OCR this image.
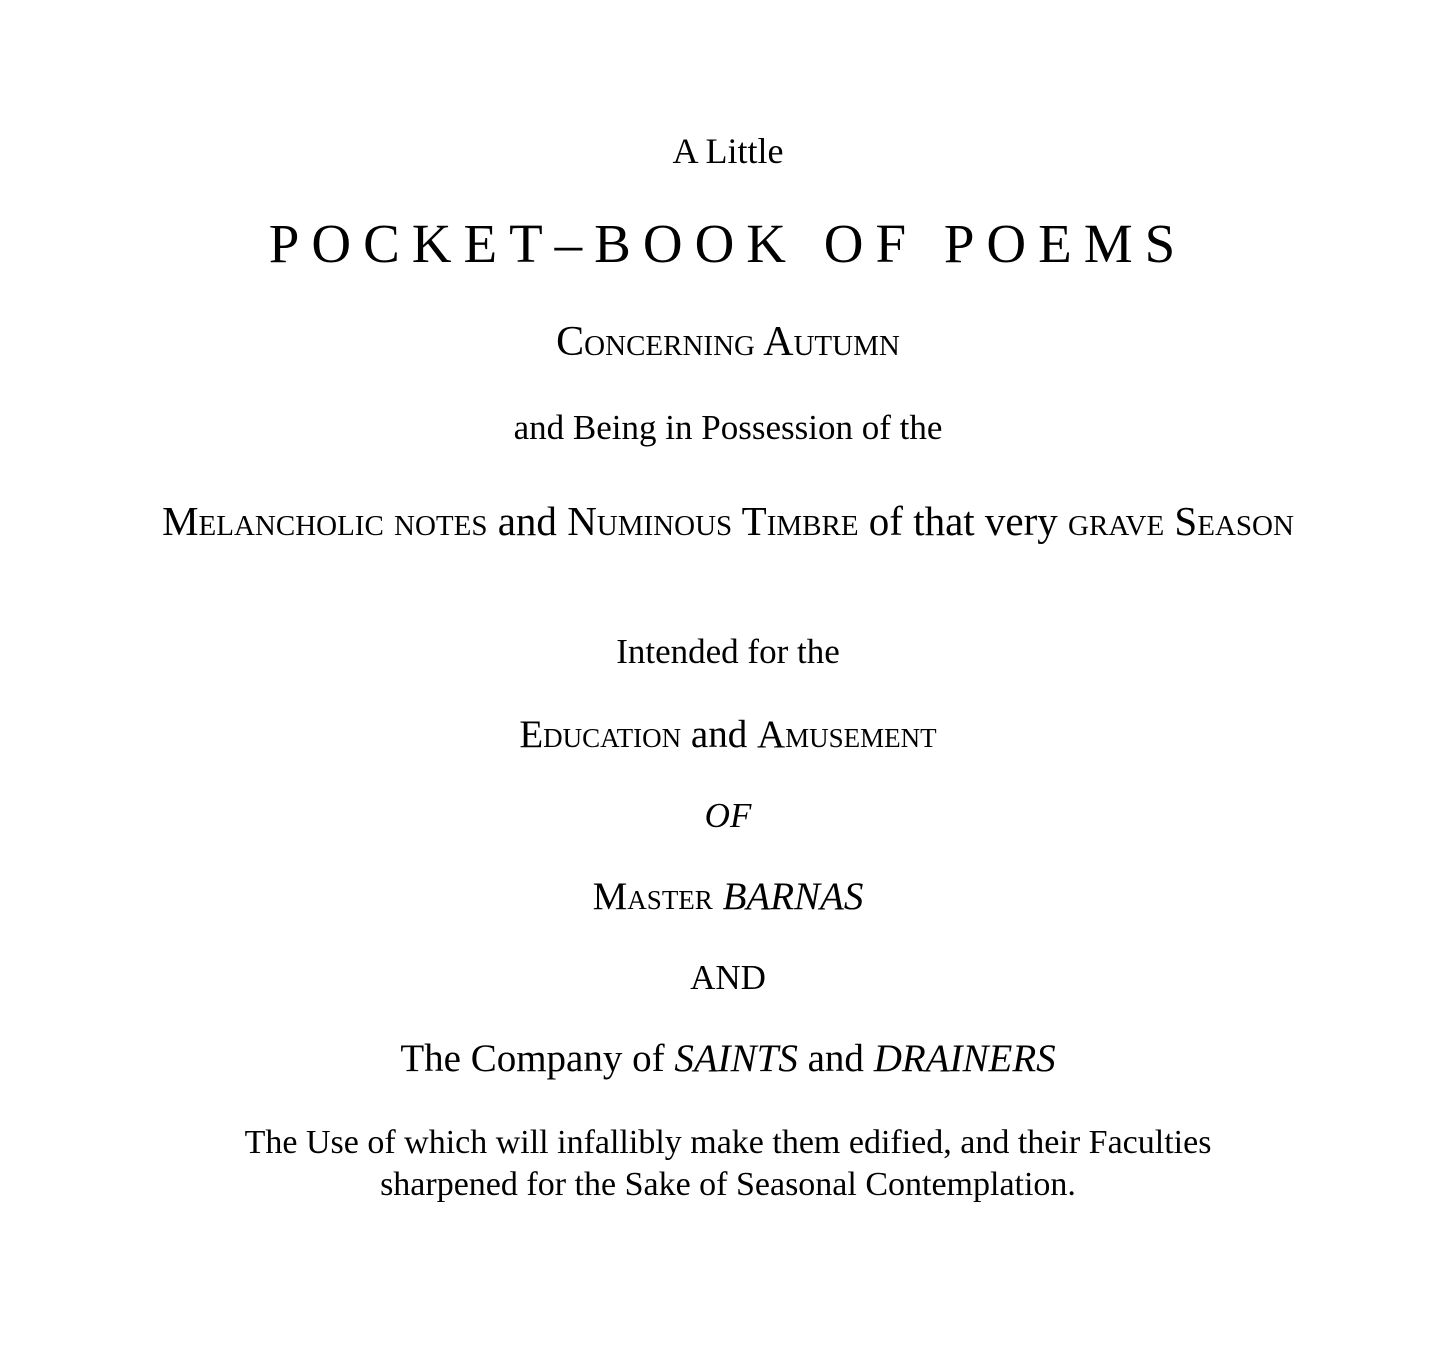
A Little
POCKET–BOOK OF POEMS
Concerning Autumn
and Being in Possession of the
Melancholic notes and Numinous Timbre of that very grave Season
Intended for the
Education and Amusement
OF
Master BARNAS
AND
The Company of SAINTS and DRAINERS
The Use of which will infallibly make them edified, and their Faculties
sharpened for the Sake of Seasonal Contemplation.
